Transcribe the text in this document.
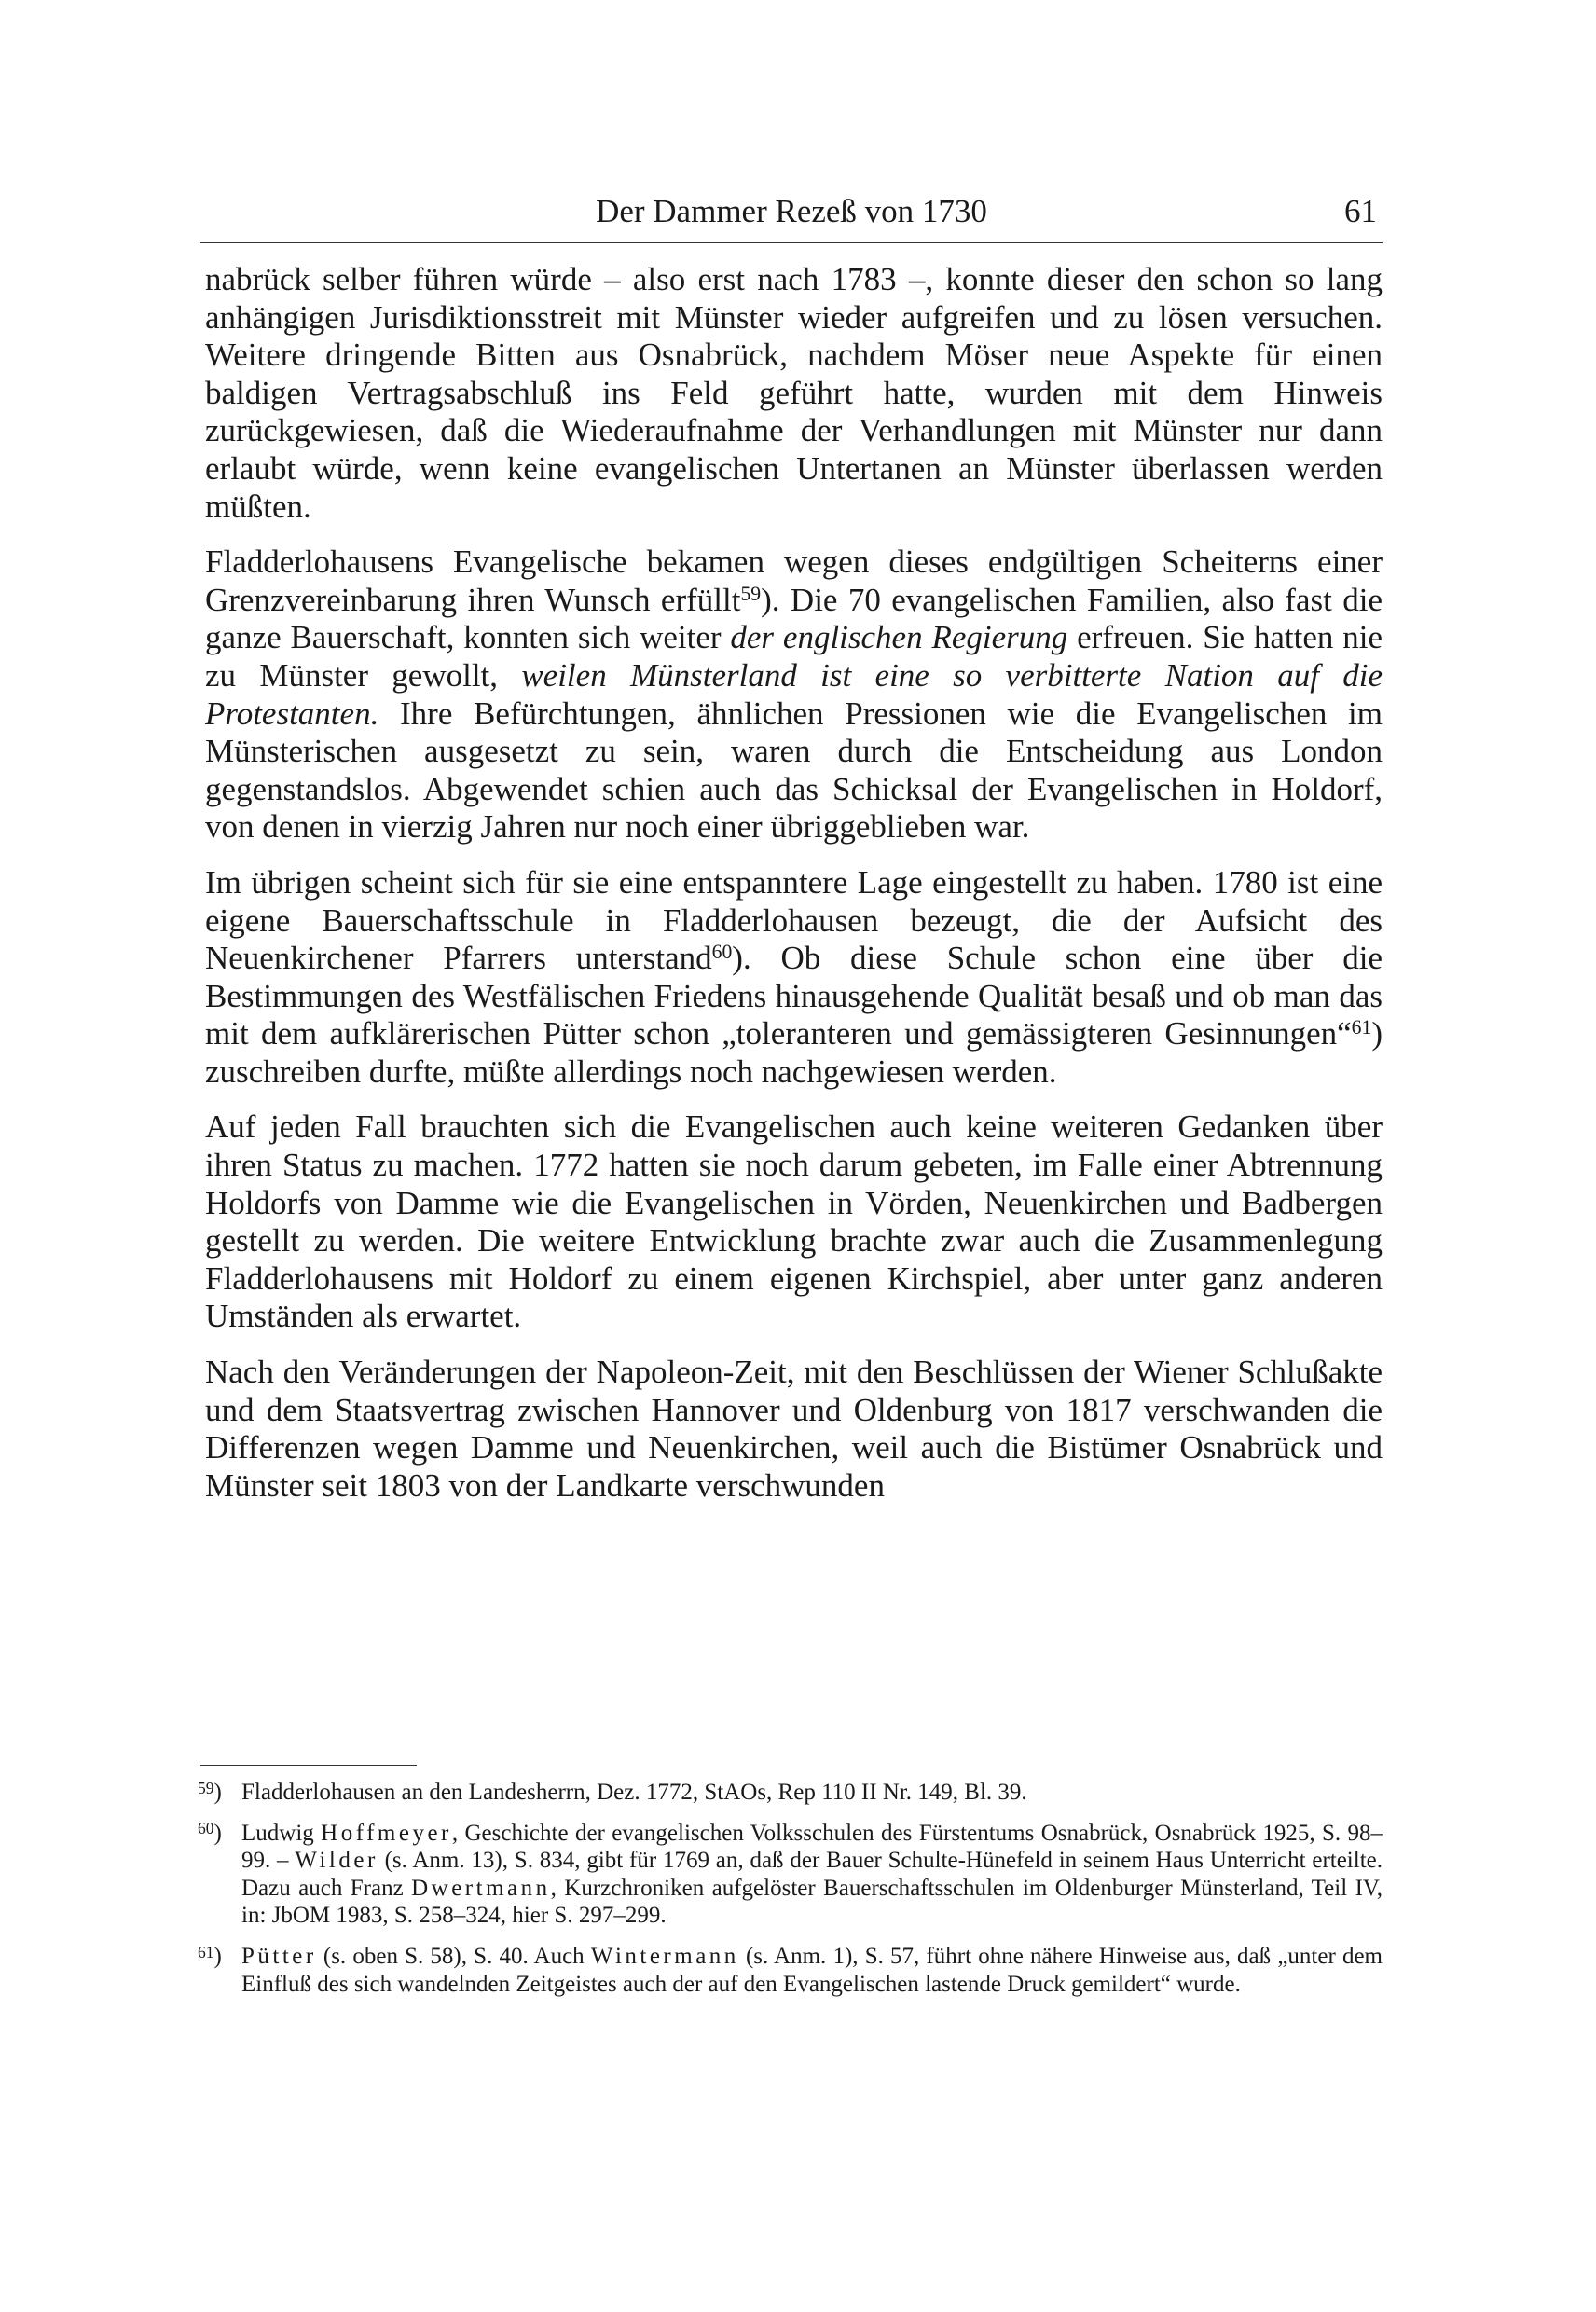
Der Dammer Rezeß von 1730	61

nabrück selber führen würde – also erst nach 1783 –, konnte dieser den schon so lang anhängigen Jurisdiktionsstreit mit Münster wieder aufgreifen und zu lösen versuchen. Weitere dringende Bitten aus Osnabrück, nachdem Möser neue Aspekte für einen baldigen Vertragsabschluß ins Feld geführt hatte, wurden mit dem Hinweis zurückgewiesen, daß die Wiederaufnahme der Verhandlungen mit Münster nur dann erlaubt würde, wenn keine evangelischen Untertanen an Münster überlassen werden müßten.

Fladderlohausens Evangelische bekamen wegen dieses endgültigen Scheiterns einer Grenzvereinbarung ihren Wunsch erfüllt$^{59}$). Die 70 evangelischen Familien, also fast die ganze Bauerschaft, konnten sich weiter der englischen Regierung erfreuen. Sie hatten nie zu Münster gewollt, weilen Münsterland ist eine so verbitterte Nation auf die Protestanten. Ihre Befürchtungen, ähnlichen Pressionen wie die Evangelischen im Münsterischen ausgesetzt zu sein, waren durch die Entscheidung aus London gegenstandslos. Abgewendet schien auch das Schicksal der Evangelischen in Holdorf, von denen in vierzig Jahren nur noch einer übriggeblieben war.

Im übrigen scheint sich für sie eine entspanntere Lage eingestellt zu haben. 1780 ist eine eigene Bauerschaftsschule in Fladderlohausen bezeugt, die der Aufsicht des Neuenkirchener Pfarrers unterstand$^{60}$). Ob diese Schule schon eine über die Bestimmungen des Westfälischen Friedens hinausgehende Qualität besaß und ob man das mit dem aufklärerischen Pütter schon „toleranteren und gemässigteren Gesinnungen“$^{61}$) zuschreiben durfte, müßte allerdings noch nachgewiesen werden.

Auf jeden Fall brauchten sich die Evangelischen auch keine weiteren Gedanken über ihren Status zu machen. 1772 hatten sie noch darum gebeten, im Falle einer Abtrennung Holdorfs von Damme wie die Evangelischen in Vörden, Neuenkirchen und Badbergen gestellt zu werden. Die weitere Entwicklung brachte zwar auch die Zusammenlegung Fladderlohausens mit Holdorf zu einem eigenen Kirchspiel, aber unter ganz anderen Umständen als erwartet.

Nach den Veränderungen der Napoleon-Zeit, mit den Beschlüssen der Wiener Schlußakte und dem Staatsvertrag zwischen Hannover und Oldenburg von 1817 verschwanden die Differenzen wegen Damme und Neuenkirchen, weil auch die Bistümer Osnabrück und Münster seit 1803 von der Landkarte verschwunden

$^{59}$) Fladderlohausen an den Landesherrn, Dez. 1772, StAOs, Rep 110 II Nr. 149, Bl. 39.
$^{60}$) Ludwig Hoffmeyer, Geschichte der evangelischen Volksschulen des Fürstentums Osnabrück, Osnabrück 1925, S. 98–99. – Wilder (s. Anm. 13), S. 834, gibt für 1769 an, daß der Bauer Schulte-Hünefeld in seinem Haus Unterricht erteilte. Dazu auch Franz Dwertmann, Kurzchroniken aufgelöster Bauerschaftsschulen im Oldenburger Münsterland, Teil IV, in: JbOM 1983, S. 258–324, hier S. 297–299.
$^{61}$) Pütter (s. oben S. 58), S. 40. Auch Wintermann (s. Anm. 1), S. 57, führt ohne nähere Hinweise aus, daß „unter dem Einfluß des sich wandelnden Zeitgeistes auch der auf den Evangelischen lastende Druck gemildert“ wurde.
